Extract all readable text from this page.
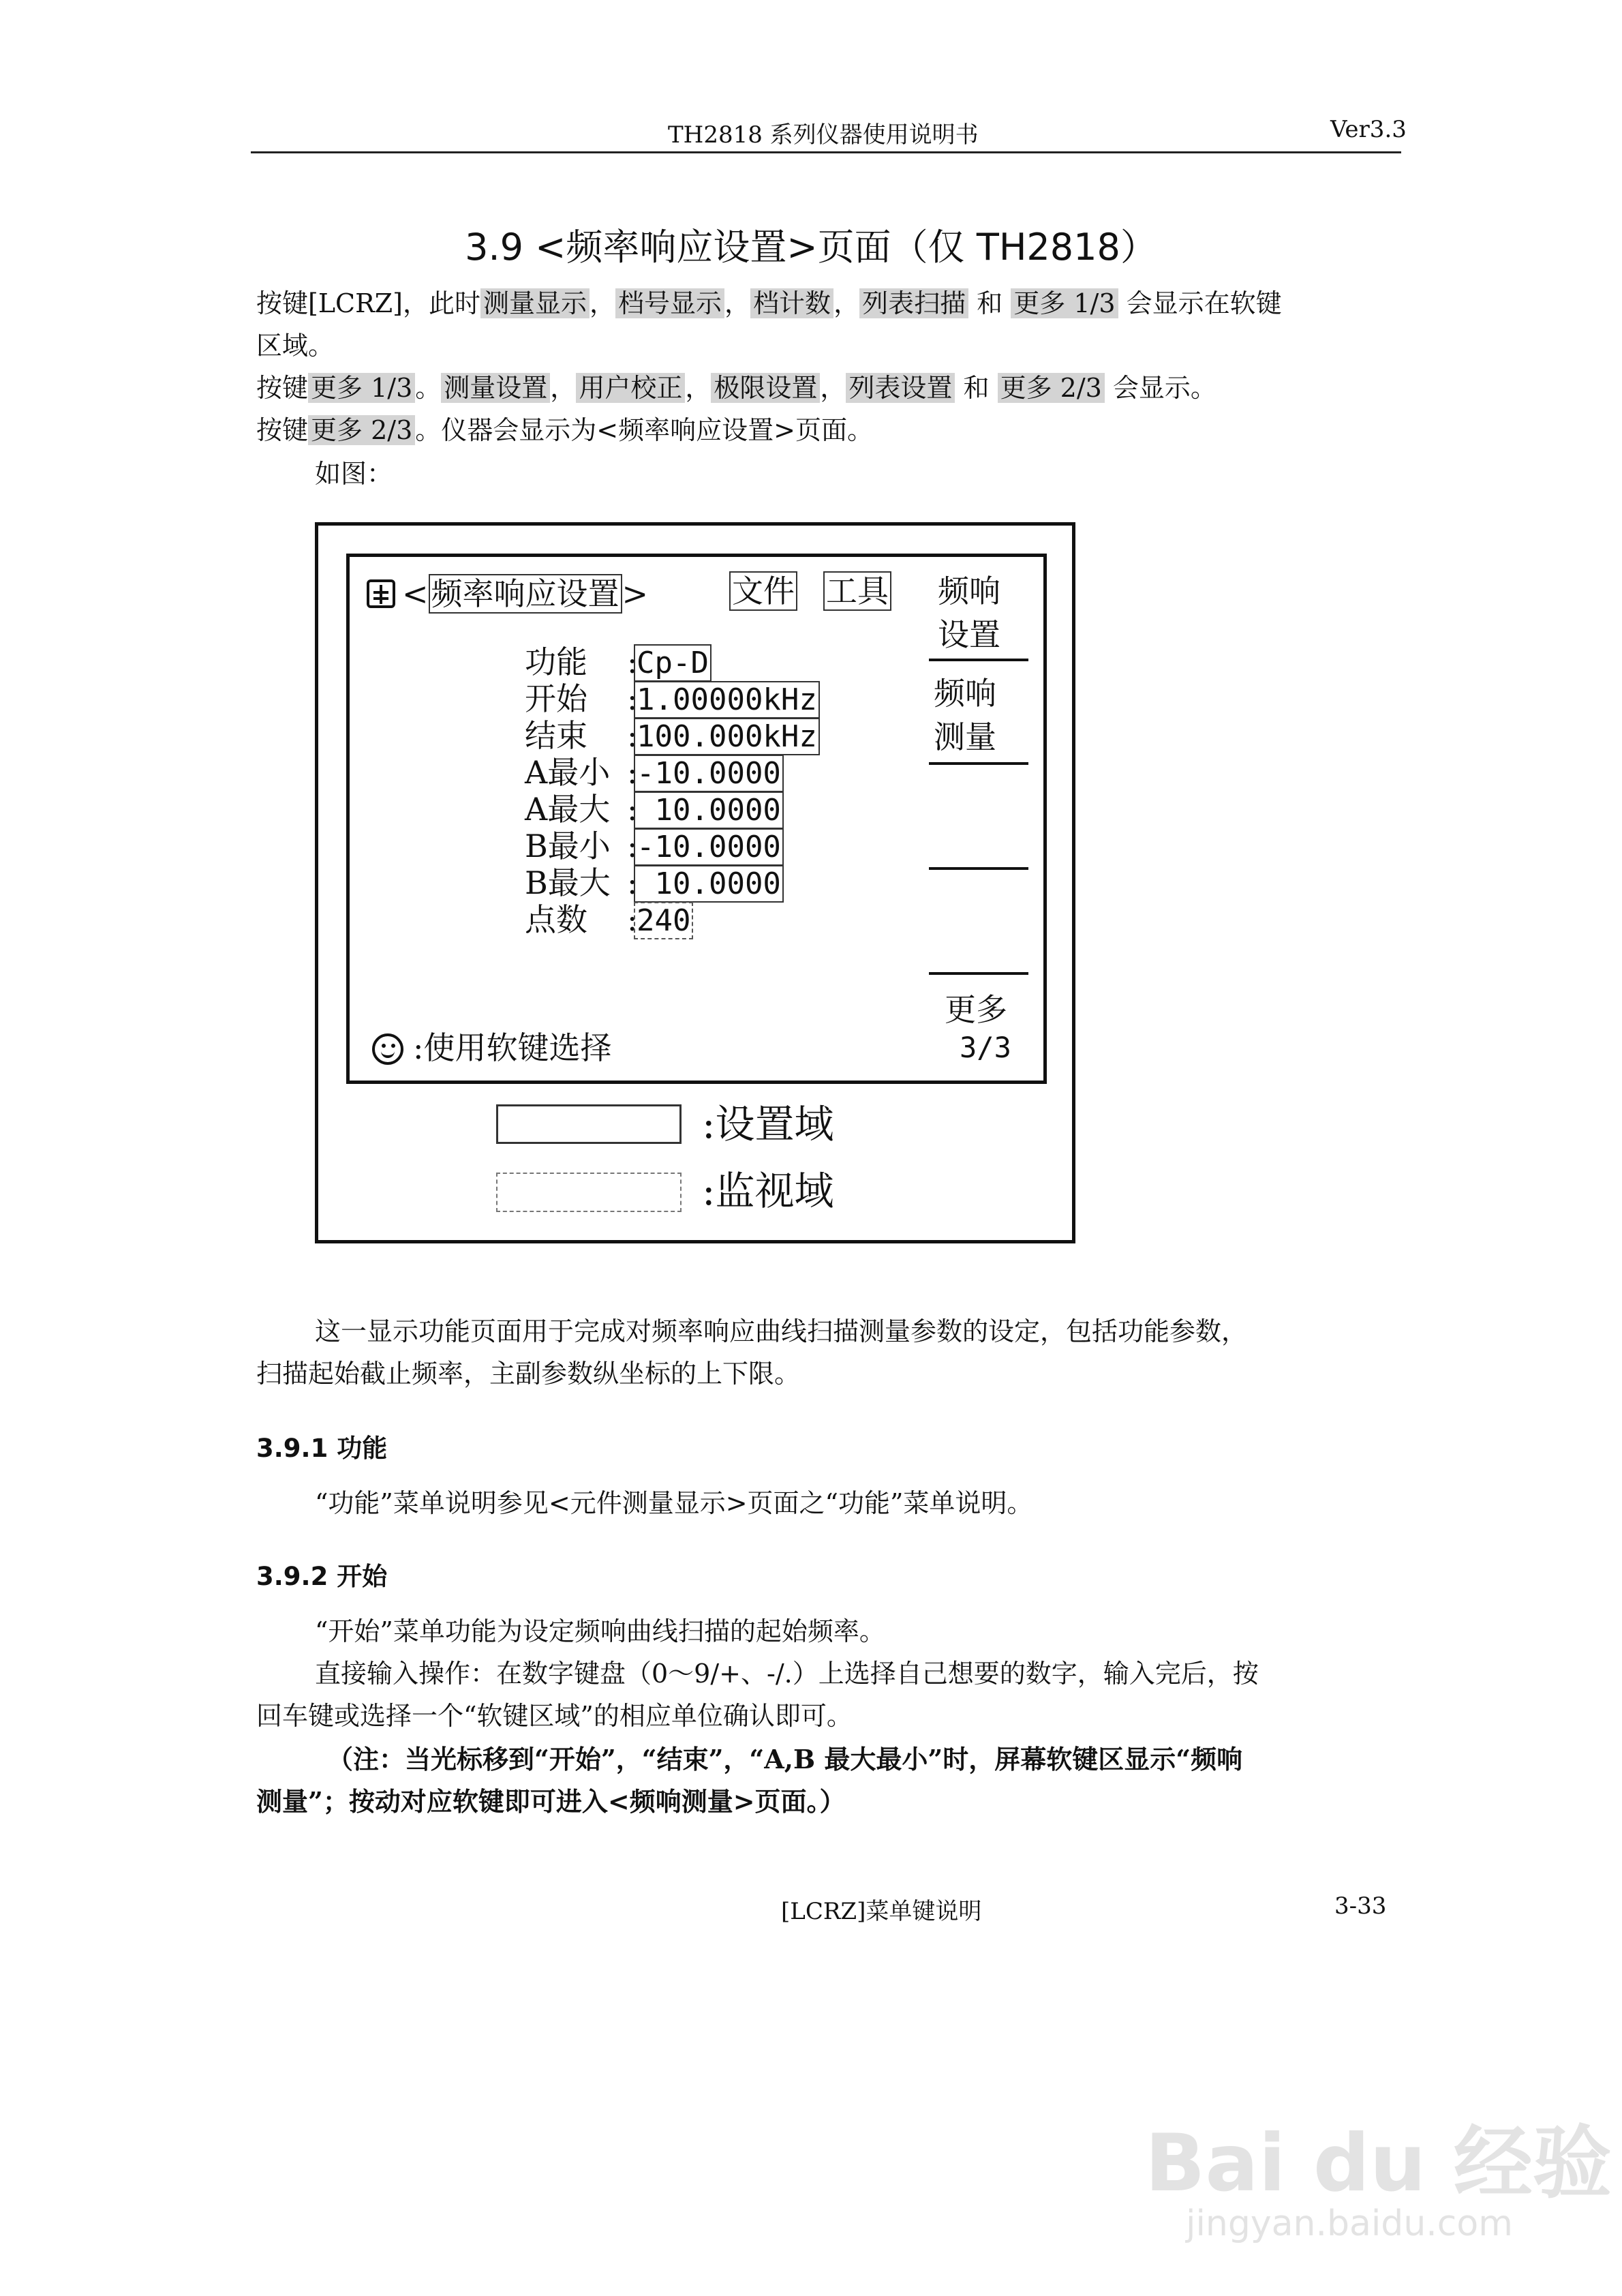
TH2818 系列仪器使用说明书	Ver3.3
3.9 <频率响应设置>页面（仅 TH2818）
按键[LCRZ]，此时 测量显示 ， 档号显示 ， 档计数 ， 列表扫描 和 更多 1/3 会显示在软键
区域。
按键 更多 1/3 。 测量设置 ， 用户校正 ， 极限设置 ， 列表设置 和 更多 2/3 会显示。
按键 更多 2/3 。仪器会显示为<频率响应设置>页面。
如图：
<频率响应设置>	文件 工具
功能 :
Cp-D
开始 :
1.00000kHz
结束 :
100.000kHz
A最小 :
-10.0000
A最大 :
10.0000
B最小 :
-10.0000
B最大 :
10.0000
点数 :
240
频响
设置
频响
测量
更多
3/3
:使用软键选择
:设置域
:监视域
这一显示功能页面用于完成对频率响应曲线扫描测量参数的设定，包括功能参数，
扫描起始截止频率，主副参数纵坐标的上下限。
3.9.1 功能
“功能”菜单说明参见<元件测量显示>页面之“功能”菜单说明。
3.9.2 开始
“开始”菜单功能为设定频响曲线扫描的起始频率。
直接输入操作：在数字键盘（0～9/+、-/.）上选择自己想要的数字，输入完后，按
回车键或选择一个“软键区域”的相应单位确认即可。
（注：当光标移到“开始”，“结束”，“A,B 最大最小”时，屏幕软键区显示“频响
测量”；按动对应软键即可进入<频响测量>页面。）
[LCRZ]菜单键说明	3-33
Bai du 经验
jingyan.baidu.com
